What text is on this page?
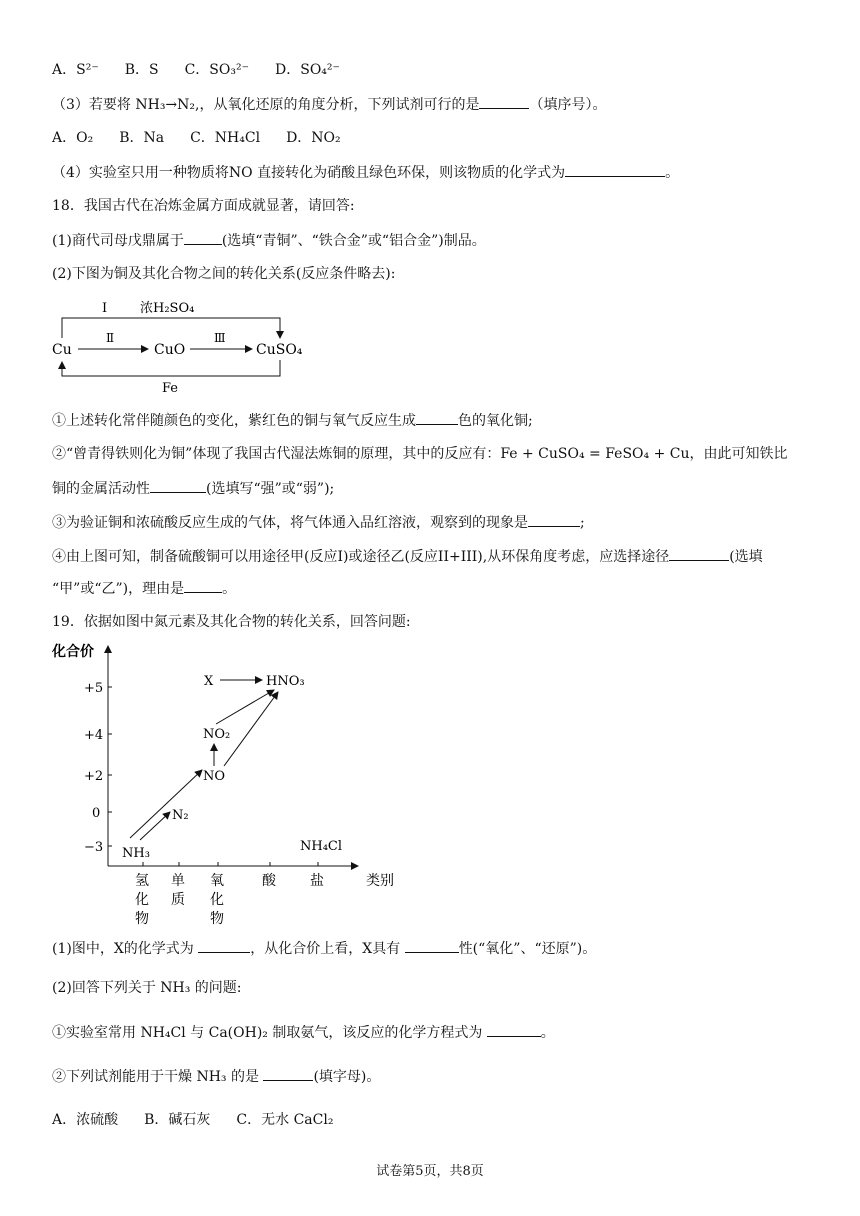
A．S²⁻ B．S C．SO₃²⁻ D．SO₄²⁻
（3）若要将 NH₃→N₂,，从氧化还原的角度分析，下列试剂可行的是	（填序号）。
A．O₂ B．Na C．NH₄Cl D．NO₂
（4）实验室只用一种物质将NO 直接转化为硝酸且绿色环保，则该物质的化学式为	。
18．我国古代在冶炼金属方面成就显著，请回答:
(1)商代司母戊鼎属于	(选填“青铜”、“铁合金”或“铝合金”)制品。
(2)下图为铜及其化合物之间的转化关系(反应条件略去):
Ⅰ	浓H₂SO₄
Cu	CuO	CuSO₄
Ⅱ	Ⅲ
Fe
①上述转化常伴随颜色的变化，紫红色的铜与氧气反应生成	色的氧化铜;
②“曾青得铁则化为铜”体现了我国古代湿法炼铜的原理，其中的反应有：Fe + CuSO₄ = FeSO₄ + Cu，由此可知铁比
铜的金属活动性	(选填写“强”或“弱”);
③为验证铜和浓硫酸反应生成的气体，将气体通入品红溶液，观察到的现象是	;
④由上图可知，制备硫酸铜可以用途径甲(反应I)或途径乙(反应II+III),从环保角度考虑，应选择途径	(选填
“甲”或“乙”)，理由是	。
19．依据如图中氮元素及其化合物的转化关系，回答问题:
化合价
类别
+5
+4
+2
0
−3
氢化物
单质
氧化物
酸 盐
NH₃
N₂
NO
NO₂
X	HNO₃
NH₄Cl
(1)图中，X的化学式为	，从化合价上看，X具有	性(“氧化”、“还原”)。
(2)回答下列关于 NH₃ 的问题:
①实验室常用 NH₄Cl 与 Ca(OH)₂ 制取氨气，该反应的化学方程式为	。
②下列试剂能用于干燥 NH₃ 的是	(填字母)。
A．浓硫酸 B．碱石灰 C．无水 CaCl₂
试卷第5页，共8页
